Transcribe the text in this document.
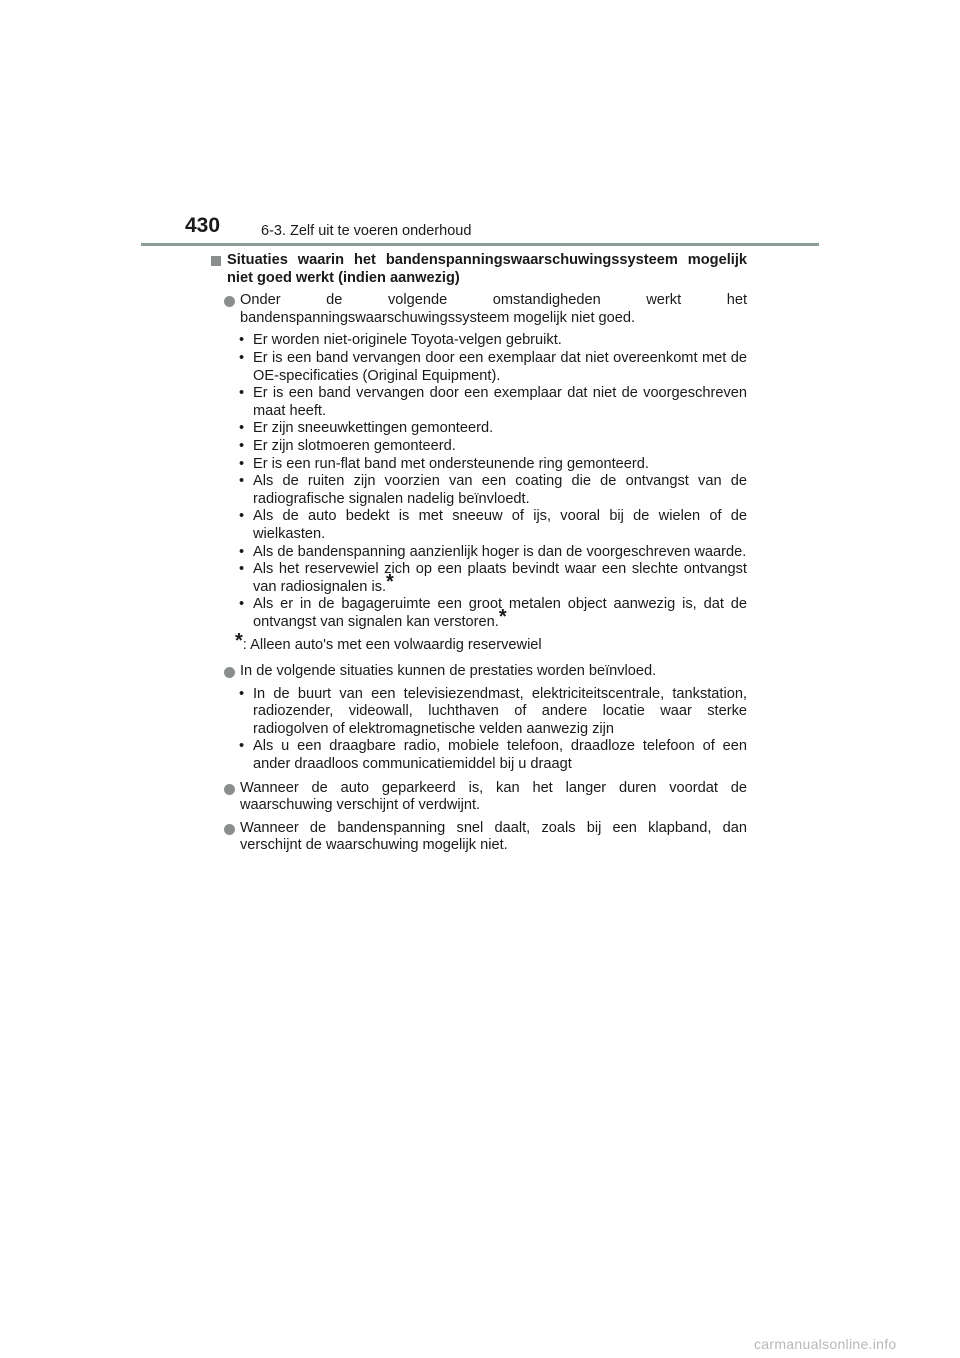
430	6-3. Zelf uit te voeren onderhoud
Situaties waarin het bandenspanningswaarschuwingssysteem mogelijk niet goed werkt (indien aanwezig)
Onder de volgende omstandigheden werkt het bandenspanningswaarschuwingssysteem mogelijk niet goed.
• Er worden niet-originele Toyota-velgen gebruikt.
• Er is een band vervangen door een exemplaar dat niet overeenkomt met de OE-specificaties (Original Equipment).
• Er is een band vervangen door een exemplaar dat niet de voorgeschreven maat heeft.
• Er zijn sneeuwkettingen gemonteerd.
• Er zijn slotmoeren gemonteerd.
• Er is een run-flat band met ondersteunende ring gemonteerd.
• Als de ruiten zijn voorzien van een coating die de ontvangst van de radiografische signalen nadelig beïnvloedt.
• Als de auto bedekt is met sneeuw of ijs, vooral bij de wielen of de wielkasten.
• Als de bandenspanning aanzienlijk hoger is dan de voorgeschreven waarde.
• Als het reservewiel zich op een plaats bevindt waar een slechte ontvangst van radiosignalen is.*
• Als er in de bagageruimte een groot metalen object aanwezig is, dat de ontvangst van signalen kan verstoren.*
*: Alleen auto's met een volwaardig reservewiel
In de volgende situaties kunnen de prestaties worden beïnvloed.
• In de buurt van een televisiezendmast, elektriciteitscentrale, tankstation, radiozender, videowall, luchthaven of andere locatie waar sterke radiogolven of elektromagnetische velden aanwezig zijn
• Als u een draagbare radio, mobiele telefoon, draadloze telefoon of een ander draadloos communicatiemiddel bij u draagt
Wanneer de auto geparkeerd is, kan het langer duren voordat de waarschuwing verschijnt of verdwijnt.
Wanneer de bandenspanning snel daalt, zoals bij een klapband, dan verschijnt de waarschuwing mogelijk niet.
carmanualsonline.info
